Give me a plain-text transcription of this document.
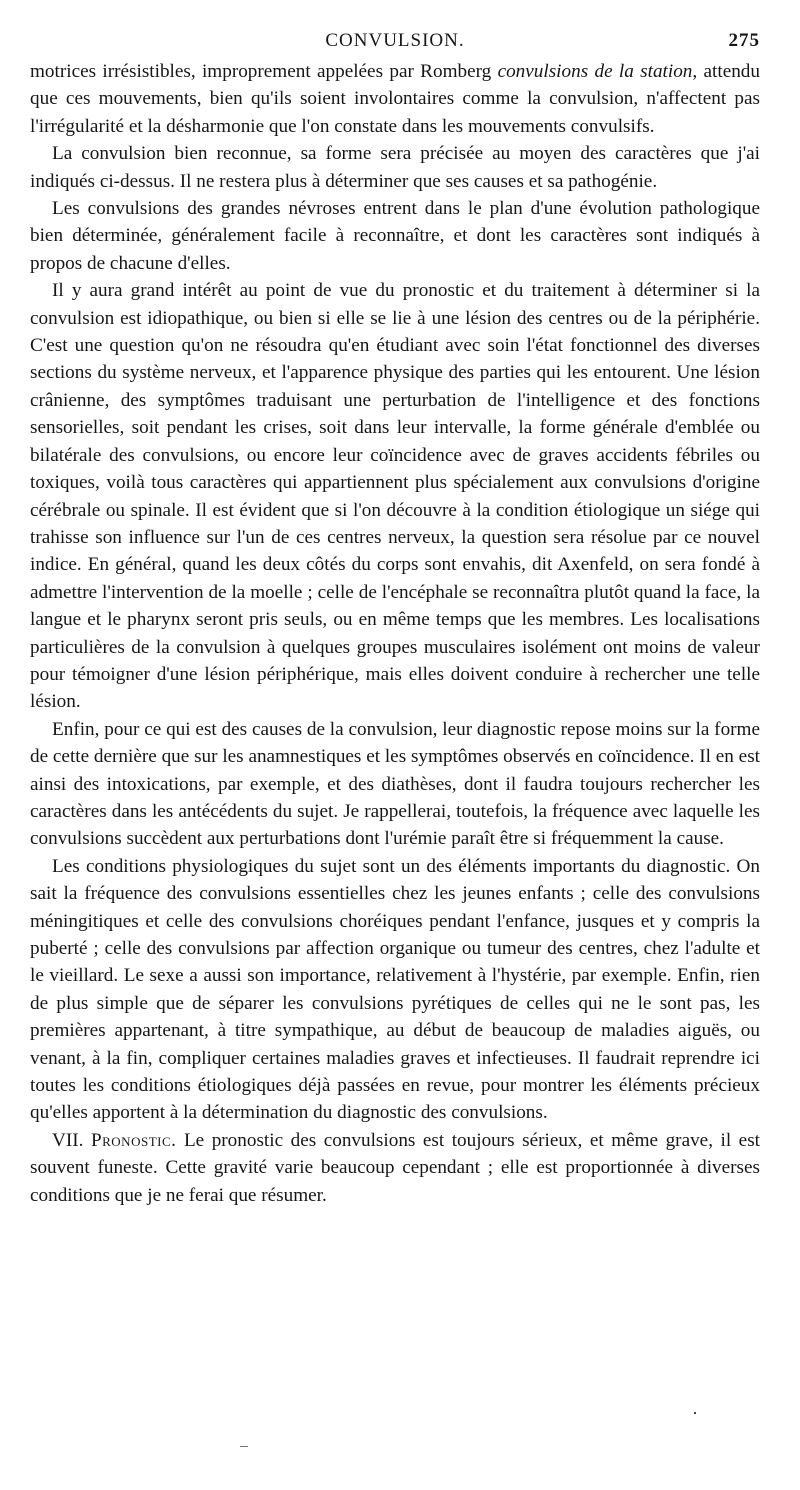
CONVULSION.	275

motrices irrésistibles, improprement appelées par Romberg convulsions de la station, attendu que ces mouvements, bien qu'ils soient involontaires comme la convulsion, n'affectent pas l'irrégularité et la désharmonie que l'on constate dans les mouvements convulsifs.

La convulsion bien reconnue, sa forme sera précisée au moyen des caractères que j'ai indiqués ci-dessus. Il ne restera plus à déterminer que ses causes et sa pathogénie.

Les convulsions des grandes névroses entrent dans le plan d'une évolution pathologique bien déterminée, généralement facile à reconnaître, et dont les caractères sont indiqués à propos de chacune d'elles.

Il y aura grand intérêt au point de vue du pronostic et du traitement à déterminer si la convulsion est idiopathique, ou bien si elle se lie à une lésion des centres ou de la périphérie. C'est une question qu'on ne résoudra qu'en étudiant avec soin l'état fonctionnel des diverses sections du système nerveux, et l'apparence physique des parties qui les entourent. Une lésion crânienne, des symptômes traduisant une perturbation de l'intelligence et des fonctions sensorielles, soit pendant les crises, soit dans leur intervalle, la forme générale d'emblée ou bilatérale des convulsions, ou encore leur coïncidence avec de graves accidents fébriles ou toxiques, voilà tous caractères qui appartiennent plus spécialement aux convulsions d'origine cérébrale ou spinale. Il est évident que si l'on découvre à la condition étiologique un siége qui trahisse son influence sur l'un de ces centres nerveux, la question sera résolue par ce nouvel indice. En général, quand les deux côtés du corps sont envahis, dit Axenfeld, on sera fondé à admettre l'intervention de la moelle ; celle de l'encéphale se reconnaîtra plutôt quand la face, la langue et le pharynx seront pris seuls, ou en même temps que les membres. Les localisations particulières de la convulsion à quelques groupes musculaires isolément ont moins de valeur pour témoigner d'une lésion périphérique, mais elles doivent conduire à rechercher une telle lésion.

Enfin, pour ce qui est des causes de la convulsion, leur diagnostic repose moins sur la forme de cette dernière que sur les anamnestiques et les symptômes observés en coïncidence. Il en est ainsi des intoxications, par exemple, et des diathèses, dont il faudra toujours rechercher les caractères dans les antécédents du sujet. Je rappellerai, toutefois, la fréquence avec laquelle les convulsions succèdent aux perturbations dont l'urémie paraît être si fréquemment la cause.

Les conditions physiologiques du sujet sont un des éléments importants du diagnostic. On sait la fréquence des convulsions essentielles chez les jeunes enfants ; celle des convulsions méningitiques et celle des convulsions choréiques pendant l'enfance, jusques et y compris la puberté ; celle des convulsions par affection organique ou tumeur des centres, chez l'adulte et le vieillard. Le sexe a aussi son importance, relativement à l'hystérie, par exemple. Enfin, rien de plus simple que de séparer les convulsions pyrétiques de celles qui ne le sont pas, les premières appartenant, à titre sympathique, au début de beaucoup de maladies aiguës, ou venant, à la fin, compliquer certaines maladies graves et infectieuses. Il faudrait reprendre ici toutes les conditions étiologiques déjà passées en revue, pour montrer les éléments précieux qu'elles apportent à la détermination du diagnostic des convulsions.

VII. Pronostic. Le pronostic des convulsions est toujours sérieux, et même grave, il est souvent funeste. Cette gravité varie beaucoup cependant ; elle est proportionnée à diverses conditions que je ne ferai que résumer.
